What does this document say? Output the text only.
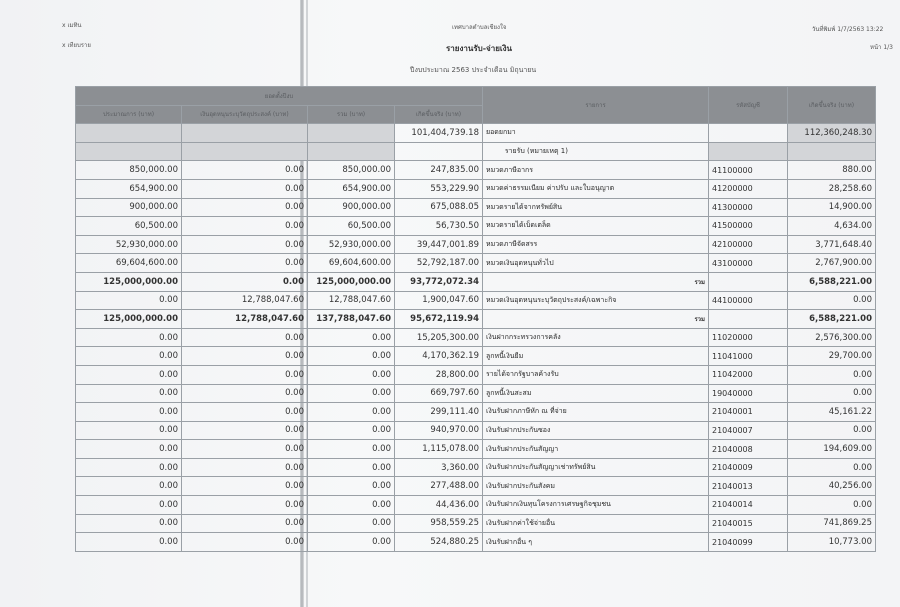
x เมทิน
x เทียบราย
เทศบาลตำบลเชียงใจ
รายงานรับ-จ่ายเงิน
ปีงบประมาณ 2563 ประจำเดือน มิถุนายน
วันที่พิมพ์ 1/7/2563 13:22
หน้า 1/3
ยอดตั้งปีงบ				รายการ	รหัสบัญชี	เกิดขึ้นจริง (บาท)
ประมาณการ (บาท)	เงินอุดหนุนระบุวัตถุประสงค์ (บาท)	รวม (บาท)	เกิดขึ้นจริง (บาท)			
			101,404,739.18	ยอดยกมา		112,360,248.30
				รายรับ (หมายเหตุ 1)		
850,000.00	0.00	850,000.00	247,835.00	หมวดภาษีอากร	41100000	880.00
654,900.00	0.00	654,900.00	553,229.90	หมวดค่าธรรมเนียม ค่าปรับ และใบอนุญาต	41200000	28,258.60
900,000.00	0.00	900,000.00	675,088.05	หมวดรายได้จากทรัพย์สิน	41300000	14,900.00
60,500.00	0.00	60,500.00	56,730.50	หมวดรายได้เบ็ดเตล็ด	41500000	4,634.00
52,930,000.00	0.00	52,930,000.00	39,447,001.89	หมวดภาษีจัดสรร	42100000	3,771,648.40
69,604,600.00	0.00	69,604,600.00	52,792,187.00	หมวดเงินอุดหนุนทั่วไป	43100000	2,767,900.00
125,000,000.00	0.00	125,000,000.00	93,772,072.34	รวม		6,588,221.00
0.00	12,788,047.60	12,788,047.60	1,900,047.60	หมวดเงินอุดหนุนระบุวัตถุประสงค์/เฉพาะกิจ	44100000	0.00
125,000,000.00	12,788,047.60	137,788,047.60	95,672,119.94	รวม		6,588,221.00
0.00	0.00	0.00	15,205,300.00	เงินฝากกระทรวงการคลัง	11020000	2,576,300.00
0.00	0.00	0.00	4,170,362.19	ลูกหนี้เงินยืม	11041000	29,700.00
0.00	0.00	0.00	28,800.00	รายได้จากรัฐบาลค้างรับ	11042000	0.00
0.00	0.00	0.00	669,797.60	ลูกหนี้เงินสะสม	19040000	0.00
0.00	0.00	0.00	299,111.40	เงินรับฝากภาษีหัก ณ ที่จ่าย	21040001	45,161.22
0.00	0.00	0.00	940,970.00	เงินรับฝากประกันซอง	21040007	0.00
0.00	0.00	0.00	1,115,078.00	เงินรับฝากประกันสัญญา	21040008	194,609.00
0.00	0.00	0.00	3,360.00	เงินรับฝากประกันสัญญาเช่าทรัพย์สิน	21040009	0.00
0.00	0.00	0.00	277,488.00	เงินรับฝากประกันสังคม	21040013	40,256.00
0.00	0.00	0.00	44,436.00	เงินรับฝากเงินทุนโครงการเศรษฐกิจชุมชน	21040014	0.00
0.00	0.00	0.00	958,559.25	เงินรับฝากค่าใช้จ่ายอื่น	21040015	741,869.25
0.00	0.00	0.00	524,880.25	เงินรับฝากอื่น ๆ	21040099	10,773.00
